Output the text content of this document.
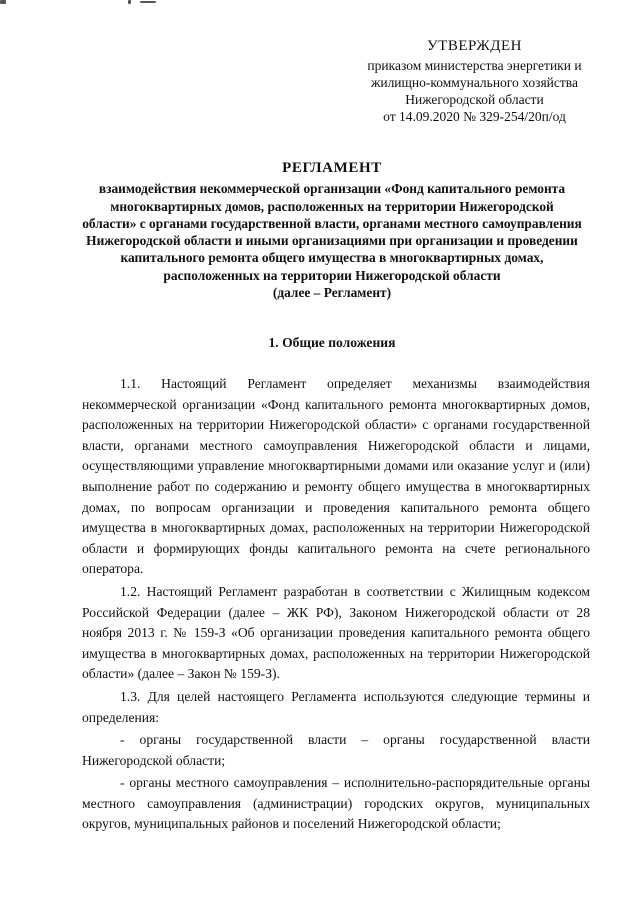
УТВЕРЖДЕН
приказом министерства энергетики и
жилищно-коммунального хозяйства
Нижегородской области
от 14.09.2020 № 329-254/20п/од
РЕГЛАМЕНТ
взаимодействия некоммерческой организации «Фонд капитального ремонта многоквартирных домов, расположенных на территории Нижегородской области» с органами государственной власти, органами местного самоуправления Нижегородской области и иными организациями при организации и проведении капитального ремонта общего имущества в многоквартирных домах, расположенных на территории Нижегородской области
(далее – Регламент)
1. Общие положения

1.1. Настоящий Регламент определяет механизмы взаимодействия некоммерческой организации «Фонд капитального ремонта многоквартирных домов, расположенных на территории Нижегородской области» с органами государственной власти, органами местного самоуправления Нижегородской области и лицами, осуществляющими управление многоквартирными домами или оказание услуг и (или) выполнение работ по содержанию и ремонту общего имущества в многоквартирных домах, по вопросам организации и проведения капитального ремонта общего имущества в многоквартирных домах, расположенных на территории Нижегородской области и формирующих фонды капитального ремонта на счете регионального оператора.

1.2. Настоящий Регламент разработан в соответствии с Жилищным кодексом Российской Федерации (далее – ЖК РФ), Законом Нижегородской области от 28 ноября 2013 г. № 159-З «Об организации проведения капитального ремонта общего имущества в многоквартирных домах, расположенных на территории Нижегородской области» (далее – Закон № 159-З).

1.3. Для целей настоящего Регламента используются следующие термины и определения:

- органы государственной власти – органы государственной власти Нижегородской области;

- органы местного самоуправления – исполнительно-распорядительные органы местного самоуправления (администрации) городских округов, муниципальных округов, муниципальных районов и поселений Нижегородской области;
